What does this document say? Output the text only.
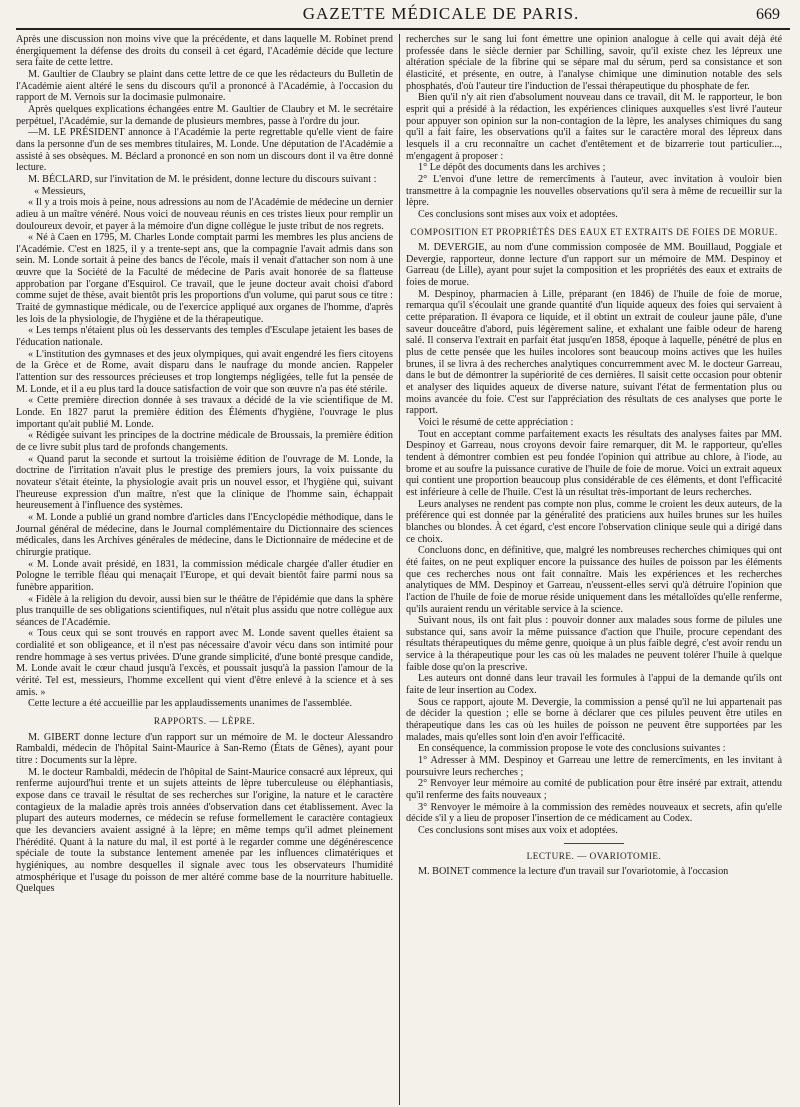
GAZETTE MÉDICALE DE PARIS.	669

Après une discussion non moins vive que la précédente, et dans laquelle M. Robinet prend énergiquement la défense des droits du conseil à cet égard, l'Académie décide que lecture sera faite de cette lettre.

M. Gaultier de Claubry se plaint dans cette lettre de ce que les rédacteurs du Bulletin de l'Académie aient altéré le sens du discours qu'il a prononcé à l'Académie, à l'occasion du rapport de M. Vernois sur la docimasie pulmonaire.

Après quelques explications échangées entre M. Gaultier de Claubry et M. le secrétaire perpétuel, l'Académie, sur la demande de plusieurs membres, passe à l'ordre du jour.

—M. LE PRÉSIDENT annonce à l'Académie la perte regrettable qu'elle vient de faire dans la personne d'un de ses membres titulaires, M. Londe. Une députation de l'Académie a assisté à ses obsèques. M. Béclard a prononcé en son nom un discours dont il va être donné lecture.

M. BÉCLARD, sur l'invitation de M. le président, donne lecture du discours suivant :

« Messieurs,

« Il y a trois mois à peine, nous adressions au nom de l'Académie de médecine un dernier adieu à un maître vénéré. Nous voici de nouveau réunis en ces tristes lieux pour remplir un douloureux devoir, et payer à la mémoire d'un digne collègue le juste tribut de nos regrets.

« Né à Caen en 1795, M. Charles Londe comptait parmi les membres les plus anciens de l'Académie. C'est en 1825, il y a trente-sept ans, que la compagnie l'avait admis dans son sein. M. Londe sortait à peine des bancs de l'école, mais il venait d'attacher son nom à une œuvre que la Société de la Faculté de médecine de Paris avait honorée de sa flatteuse approbation par l'organe d'Esquirol. Ce travail, que le jeune docteur avait choisi d'abord comme sujet de thèse, avait bientôt pris les proportions d'un volume, qui parut sous ce titre : Traité de gymnastique médicale, ou de l'exercice appliqué aux organes de l'homme, d'après les lois de la physiologie, de l'hygiène et de la thérapeutique.

« Les temps n'étaient plus où les desservants des temples d'Esculape jetaient les bases de l'éducation nationale.

« L'institution des gymnases et des jeux olympiques, qui avait engendré les fiers citoyens de la Grèce et de Rome, avait disparu dans le naufrage du monde ancien. Rappeler l'attention sur des ressources précieuses et trop longtemps négligées, telle fut la pensée de M. Londe, et il a eu plus tard la douce satisfaction de voir que son œuvre n'a pas été stérile.

« Cette première direction donnée à ses travaux a décidé de la vie scientifique de M. Londe. En 1827 parut la première édition des Éléments d'hygiène, l'ouvrage le plus important qu'ait publié M. Londe.

« Rédigée suivant les principes de la doctrine médicale de Broussais, la première édition de ce livre subit plus tard de profonds changements.

« Quand parut la seconde et surtout la troisième édition de l'ouvrage de M. Londe, la doctrine de l'irritation n'avait plus le prestige des premiers jours, la voix puissante du novateur s'était éteinte, la physiologie avait pris un nouvel essor, et l'hygiène qui, suivant l'heureuse expression d'un maître, n'est que la clinique de l'homme sain, échappait heureusement à l'influence des systèmes.

« M. Londe a publié un grand nombre d'articles dans l'Encyclopédie méthodique, dans le Journal général de médecine, dans le Journal complémentaire du Dictionnaire des sciences médicales, dans les Archives générales de médecine, dans le Dictionnaire de médecine et de chirurgie pratique.

« M. Londe avait présidé, en 1831, la commission médicale chargée d'aller étudier en Pologne le terrible fléau qui menaçait l'Europe, et qui devait bientôt faire parmi nous sa funèbre apparition.

« Fidèle à la religion du devoir, aussi bien sur le théâtre de l'épidémie que dans la sphère plus tranquille de ses obligations scientifiques, nul n'était plus assidu que notre collègue aux séances de l'Académie.

« Tous ceux qui se sont trouvés en rapport avec M. Londe savent quelles étaient sa cordialité et son obligeance, et il n'est pas nécessaire d'avoir vécu dans son intimité pour rendre hommage à ses vertus privées. D'une grande simplicité, d'une bonté presque candide, M. Londe avait le cœur chaud jusqu'à l'excès, et poussait jusqu'à la passion l'amour de la vérité. Tel est, messieurs, l'homme excellent qui vient d'être enlevé à la science et à ses amis. »

Cette lecture a été accueillie par les applaudissements unanimes de l'assemblée.

RAPPORTS. — LÈPRE.

M. GIBERT donne lecture d'un rapport sur un mémoire de M. le docteur Alessandro Rambaldi, médecin de l'hôpital Saint-Maurice à San-Remo (États de Gênes), ayant pour titre : Documents sur la lèpre.

M. le docteur Rambaldi, médecin de l'hôpital de Saint-Maurice consacré aux lépreux, qui renferme aujourd'hui trente et un sujets atteints de lèpre tuberculeuse ou éléphantiasis, expose dans ce travail le résultat de ses recherches sur l'origine, la nature et le caractère contagieux de la maladie après trois années d'observation dans cet établissement. Avec la plupart des auteurs modernes, ce médecin se refuse formellement le caractère contagieux que les devanciers avaient assigné à la lèpre; en même temps qu'il admet pleinement l'hérédité. Quant à la nature du mal, il est porté à le regarder comme une dégénérescence spéciale de toute la substance lentement amenée par les influences climatériques et hygiéniques, au nombre desquelles il signale avec tous les observateurs l'humidité atmosphérique et l'usage du poisson de mer altéré comme base de la nourriture habituelle. Quelques

recherches sur le sang lui font émettre une opinion analogue à celle qui avait déjà été professée dans le siècle dernier par Schilling, savoir, qu'il existe chez les lépreux une altération spéciale de la fibrine qui se sépare mal du sérum, perd sa consistance et son élasticité, et présente, en outre, à l'analyse chimique une diminution notable des sels phosphatés, d'où l'auteur tire l'induction de l'essai thérapeutique du phosphate de fer.

Bien qu'il n'y ait rien d'absolument nouveau dans ce travail, dit M. le rapporteur, le bon esprit qui a présidé à la rédaction, les expériences cliniques auxquelles s'est livré l'auteur pour appuyer son opinion sur la non-contagion de la lèpre, les analyses chimiques du sang qu'il a fait faire, les observations qu'il a faites sur le caractère moral des lépreux dans lesquels il a cru reconnaître un cachet d'entêtement et de bizarrerie tout particulier..., m'engagent à proposer :

1° Le dépôt des documents dans les archives ;

2° L'envoi d'une lettre de remercîments à l'auteur, avec invitation à vouloir bien transmettre à la compagnie les nouvelles observations qu'il sera à même de recueillir sur la lèpre.

Ces conclusions sont mises aux voix et adoptées.

COMPOSITION ET PROPRIÉTÉS DES EAUX ET EXTRAITS DE FOIES DE MORUE.

M. DEVERGIE, au nom d'une commission composée de MM. Bouillaud, Poggiale et Devergie, rapporteur, donne lecture d'un rapport sur un mémoire de MM. Despinoy et Garreau (de Lille), ayant pour sujet la composition et les propriétés des eaux et extraits de foies de morue.

M. Despinoy, pharmacien à Lille, préparant (en 1846) de l'huile de foie de morue, remarqua qu'il s'écoulait une grande quantité d'un liquide aqueux des foies qui servaient à cette préparation. Il évapora ce liquide, et il obtint un extrait de couleur jaune pâle, d'une saveur douceâtre d'abord, puis légèrement saline, et exhalant une faible odeur de hareng salé. Il conserva l'extrait en parfait état jusqu'en 1858, époque à laquelle, pénétré de plus en plus de cette pensée que les huiles incolores sont beaucoup moins actives que les huiles brunes, il se livra à des recherches analytiques concurremment avec M. le docteur Garreau, dans le but de démontrer la supériorité de ces dernières. Il saisit cette occasion pour obtenir et analyser des liquides aqueux de diverse nature, suivant l'état de fermentation plus ou moins avancée du foie. C'est sur l'appréciation des résultats de ces analyses que porte le rapport.

Voici le résumé de cette appréciation :

Tout en acceptant comme parfaitement exacts les résultats des analyses faites par MM. Despinoy et Garreau, nous croyons devoir faire remarquer, dit M. le rapporteur, qu'elles tendent à démontrer combien est peu fondée l'opinion qui attribue au chlore, à l'iode, au brome et au soufre la puissance curative de l'huile de foie de morue. Voici un extrait aqueux qui contient une proportion beaucoup plus considérable de ces éléments, et dont l'efficacité est inférieure à celle de l'huile. C'est là un résultat très-important de leurs recherches.

Leurs analyses ne rendent pas compte non plus, comme le croient les deux auteurs, de la préférence qui est donnée par la généralité des praticiens aux huiles brunes sur les huiles blanches ou blondes. À cet égard, c'est encore l'observation clinique seule qui a dirigé dans ce choix.

Concluons donc, en définitive, que, malgré les nombreuses recherches chimiques qui ont été faites, on ne peut expliquer encore la puissance des huiles de poisson par les éléments que ces recherches nous ont fait connaître. Mais les expériences et les recherches analytiques de MM. Despinoy et Garreau, n'eussent-elles servi qu'à détruire l'opinion que l'action de l'huile de foie de morue réside uniquement dans les métalloïdes qu'elle renferme, qu'ils auraient rendu un véritable service à la science.

Suivant nous, ils ont fait plus : pouvoir donner aux malades sous forme de pilules une substance qui, sans avoir la même puissance d'action que l'huile, procure cependant des résultats thérapeutiques du même genre, quoique à un plus faible degré, c'est avoir rendu un service à la thérapeutique pour les cas où les malades ne peuvent tolérer l'huile à quelque faible dose qu'on la prescrive.

Les auteurs ont donné dans leur travail les formules à l'appui de la demande qu'ils ont faite de leur insertion au Codex.

Sous ce rapport, ajoute M. Devergie, la commission a pensé qu'il ne lui appartenait pas de décider la question ; elle se borne à déclarer que ces pilules peuvent être utiles en thérapeutique dans les cas où les huiles de poisson ne peuvent être supportées par les malades, mais qu'elles sont loin d'en avoir l'efficacité.

En conséquence, la commission propose le vote des conclusions suivantes :

1° Adresser à MM. Despinoy et Garreau une lettre de remercîments, en les invitant à poursuivre leurs recherches ;

2° Renvoyer leur mémoire au comité de publication pour être inséré par extrait, attendu qu'il renferme des faits nouveaux ;

3° Renvoyer le mémoire à la commission des remèdes nouveaux et secrets, afin qu'elle décide s'il y a lieu de proposer l'insertion de ce médicament au Codex.

Ces conclusions sont mises aux voix et adoptées.

LECTURE. — OVARIOTOMIE.

M. BOINET commence la lecture d'un travail sur l'ovariotomie, à l'occasion
